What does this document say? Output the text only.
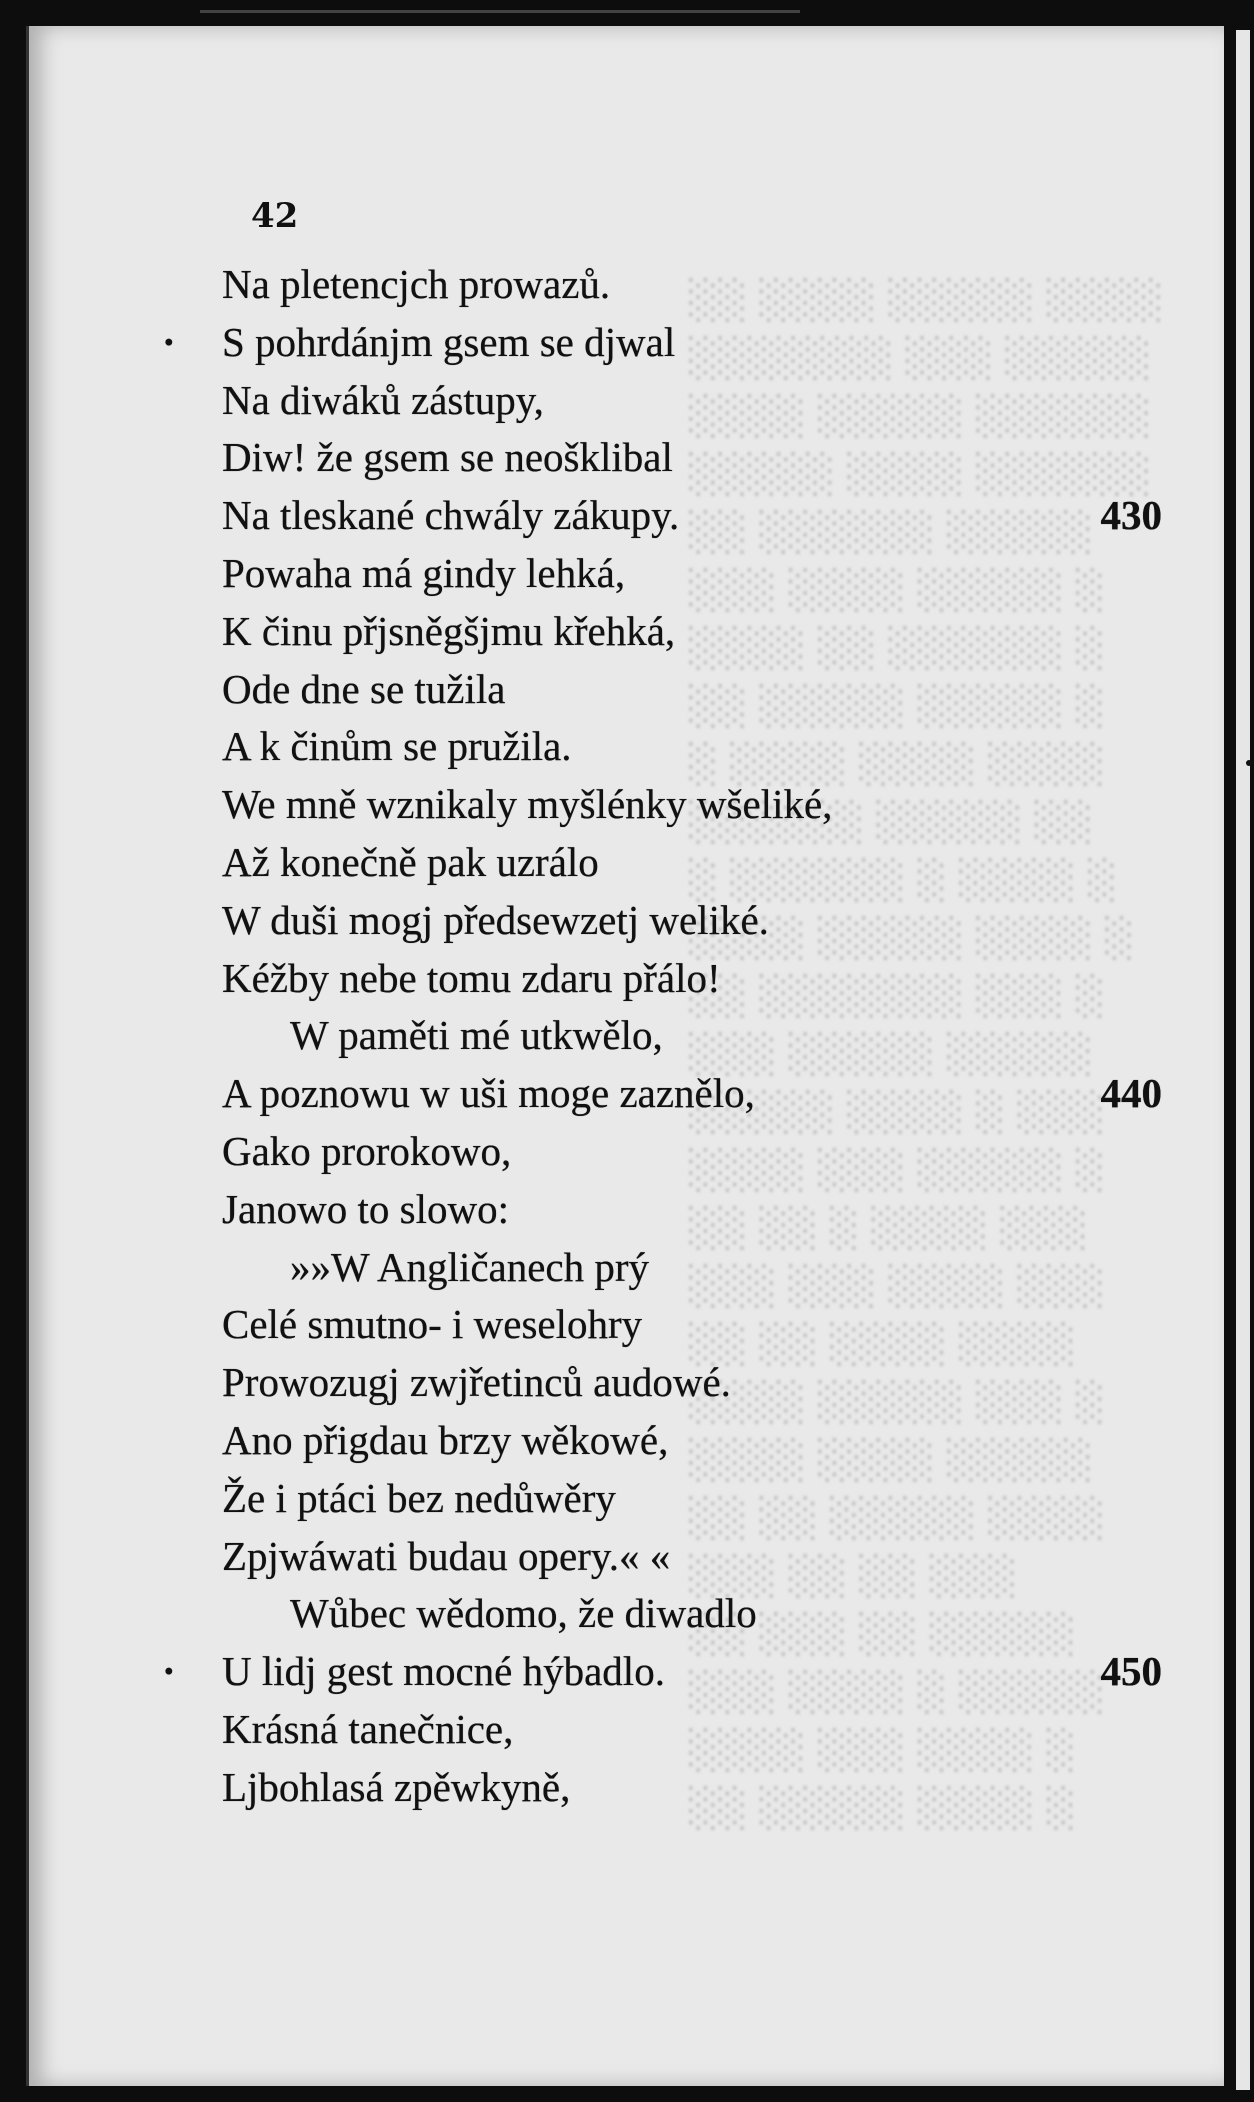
░░ ░░░░ ░░░░░ ░░░░
░░░░░░░ ░░░ ░░░░░
░░░░ ░░░░░ ░░░░░░
░░░░░ ░░░░ ░░░░░░
░░ ░░░░░░ ░░░░░
░░░ ░░░░ ░░░░░ ░
░░░░ ░░ ░░░░░░ ░
░░ ░░░░░ ░░░░░ ░
░ ░░░░ ░░░░ ░░░░
░░░░░░ ░░░░░ ░░
░ ░░░░░░ ░ ░░░░ ░
░░░░ ░░░░░ ░░░░ ░
░░ ░░░░░░░ ░░░ ░
░░░ ░░░░░ ░░░░░
░░░░░ ░░░░ ░ ░░░
░░░░ ░░░ ░░░░░ ░
░░ ░░ ░ ░░░░ ░░░
░░░ ░░░ ░░░░ ░░░
░░ ░░ ░░░░ ░░░░
░░░░ ░░░░░ ░░░ ░
░░░░ ░░░░ ░░░░░
░░ ░░ ░░░░░ ░░░░
░░░ ░░ ░░ ░░░
░░ ░░░ ░░ ░░░░░
░░░ ░░░░ ░ ░░░░░
░░░░ ░░░ ░░░░ ░
░░ ░░░░░ ░░░░ ░
42
Na pletencjch prowazů.
· S pohrdánjm gsem se djwal
Na diwáků zástupy,
Diw! že gsem se neošklibal
Na tleskané chwály zákupy.	430
Powaha má gindy lehká,
K činu přjsněgšjmu křehká,
Ode dne se tužila
A k činům se pružila.
We mně wznikaly myšlénky wšeliké,
Až konečně pak uzrálo
W duši mogj předsewzetj weliké.
Kéžby nebe tomu zdaru přálo!
W paměti mé utkwělo,
A poznowu w uši moge zaznělo,	440
Gako prorokowo,
Janowo to slowo:
»»W Angličanech prý
Celé smutno- i weselohry
Prowozugj zwjřetinců audowé.
Ano přigdau brzy wěkowé,
Že i ptáci bez nedůwěry
Zpjwáwati budau opery.« «
Wůbec wědomo, že diwadlo
· U lidj gest mocné hýbadlo.	450
Krásná tanečnice,
Ljbohlasá zpěwkyně,
